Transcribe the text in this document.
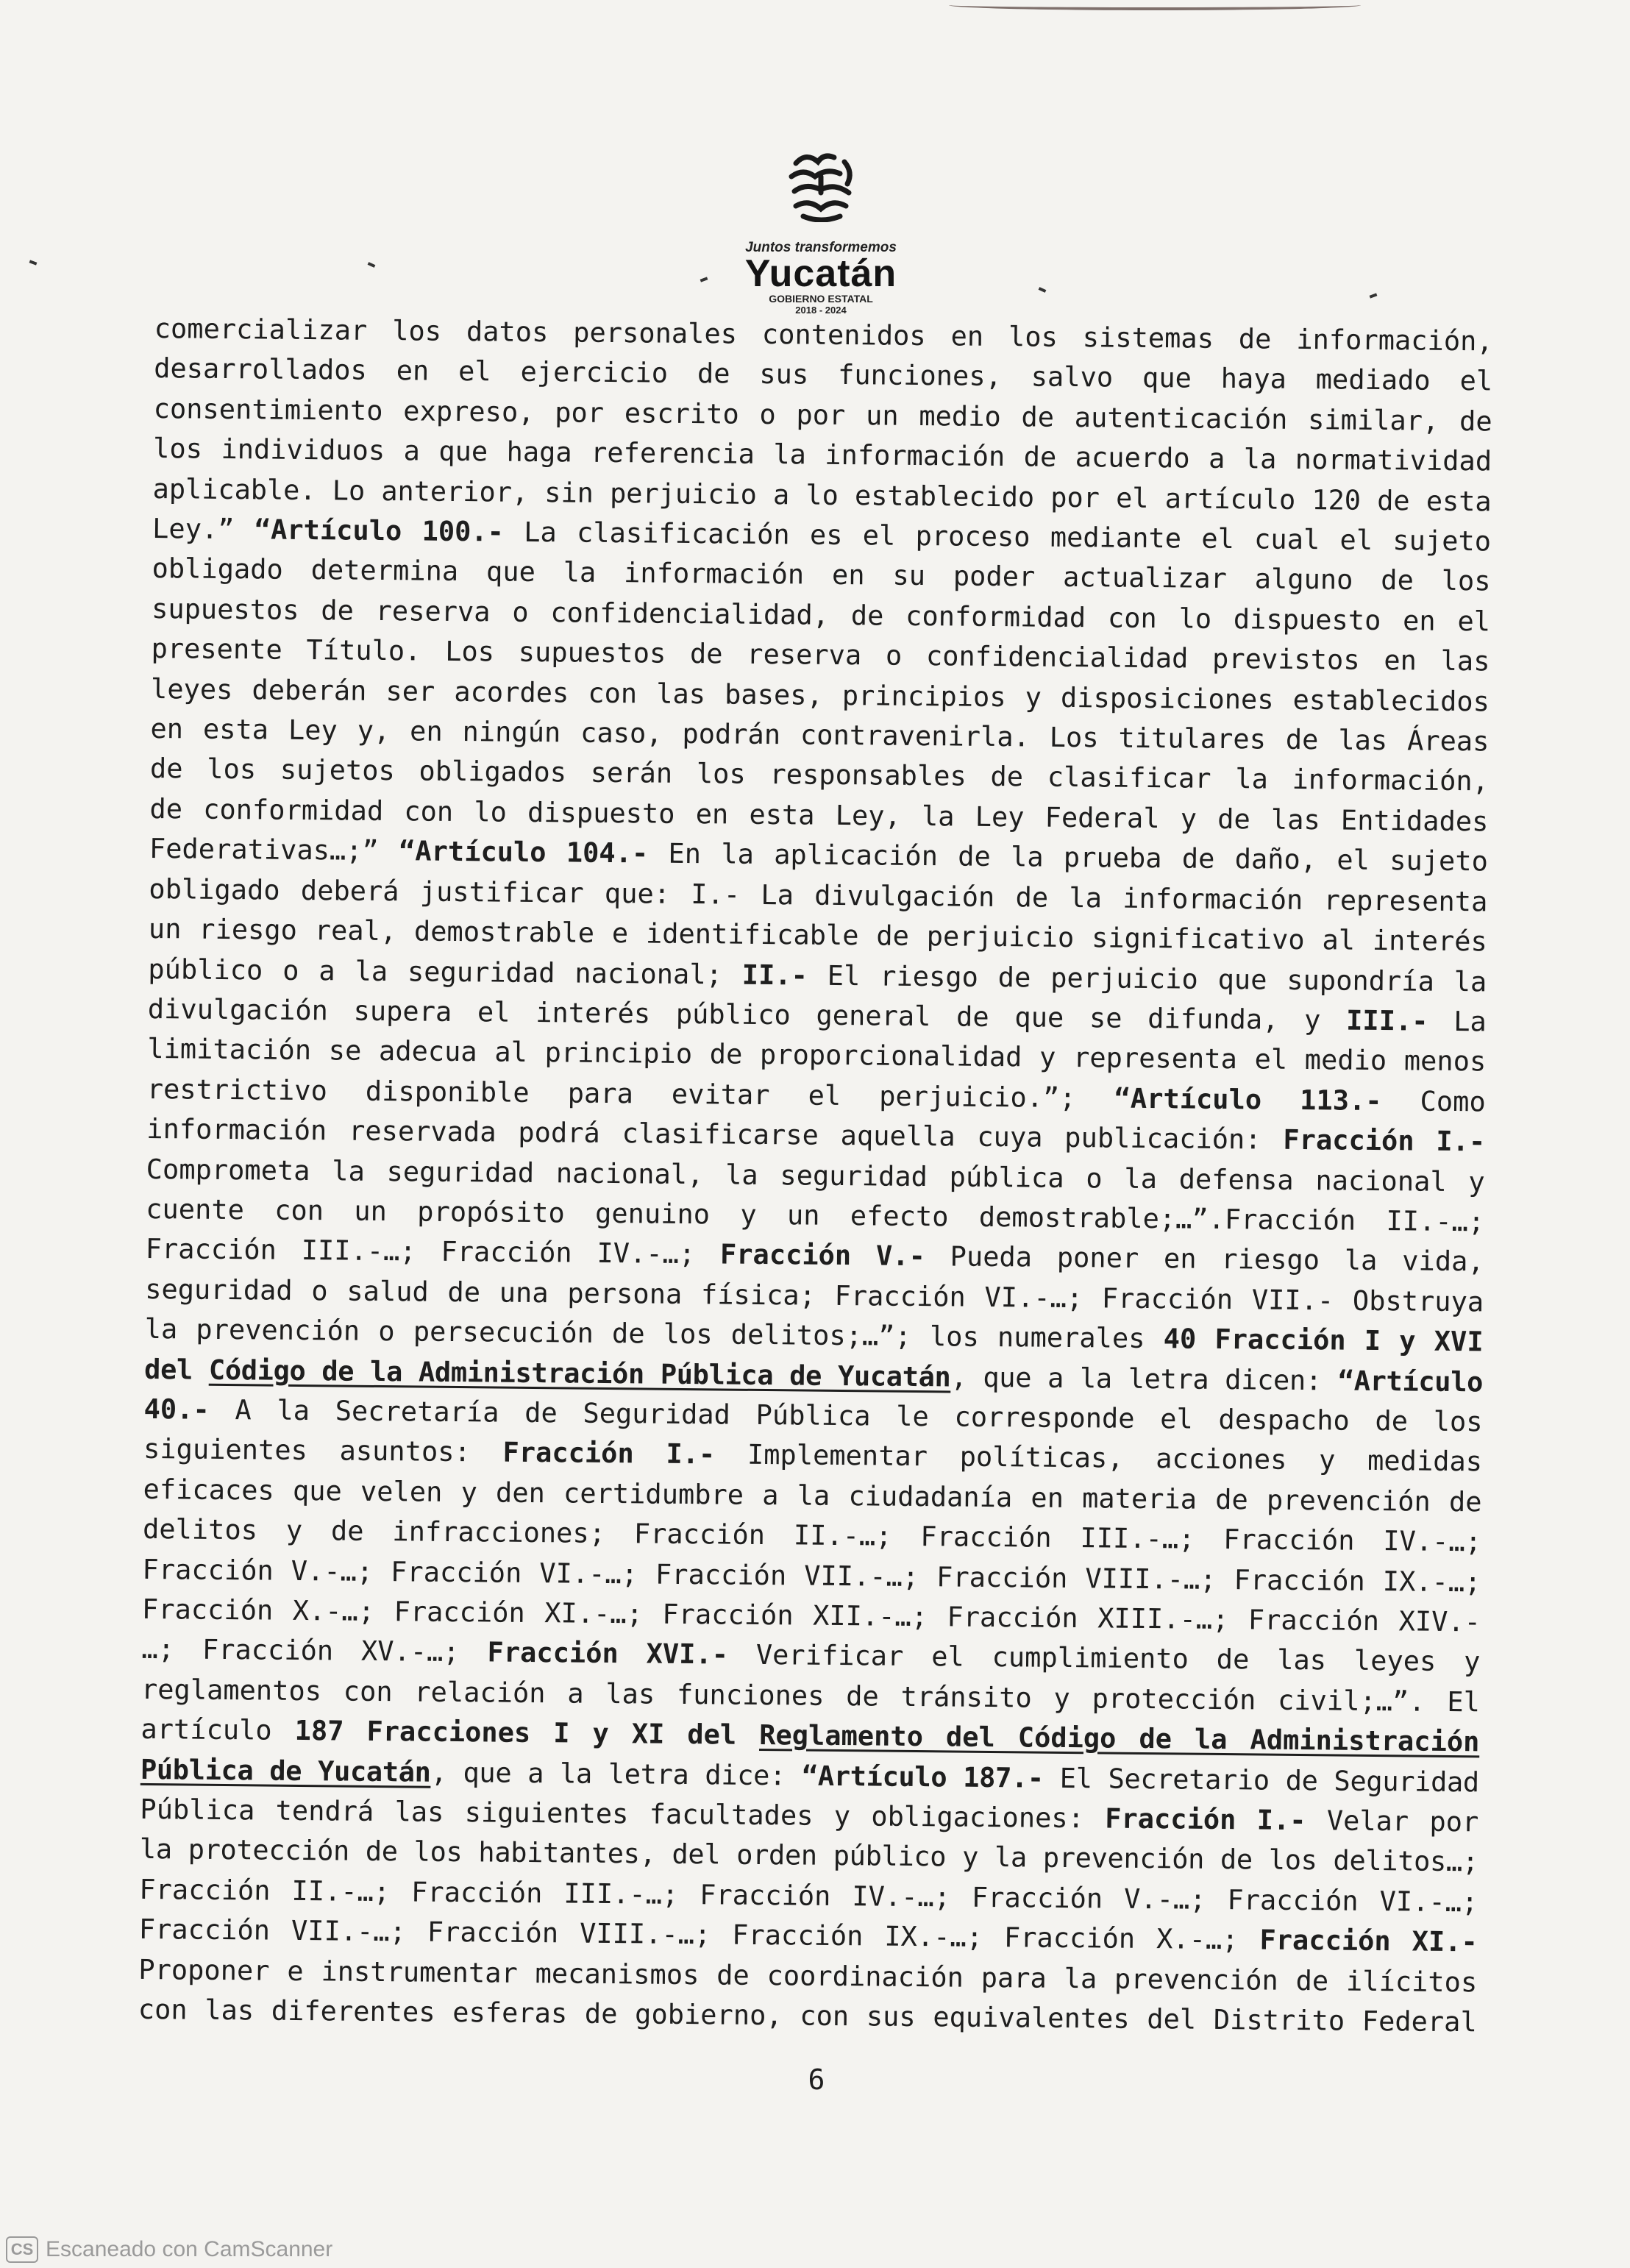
Juntos transformemos
Yucatán
GOBIERNO ESTATAL
2018 - 2024
comercializar los datos personales contenidos en los sistemas de información,
desarrollados en el ejercicio de sus funciones, salvo que haya mediado el
consentimiento expreso, por escrito o por un medio de autenticación similar, de
los individuos a que haga referencia la información de acuerdo a la normatividad
aplicable. Lo anterior, sin perjuicio a lo establecido por el artículo 120 de esta
Ley.” “Artículo 100.- La clasificación es el proceso mediante el cual el sujeto
obligado determina que la información en su poder actualizar alguno de los
supuestos de reserva o confidencialidad, de conformidad con lo dispuesto en el
presente Título. Los supuestos de reserva o confidencialidad previstos en las
leyes deberán ser acordes con las bases, principios y disposiciones establecidos
en esta Ley y, en ningún caso, podrán contravenirla. Los titulares de las Áreas
de los sujetos obligados serán los responsables de clasificar la información,
de conformidad con lo dispuesto en esta Ley, la Ley Federal y de las Entidades
Federativas…;” “Artículo 104.- En la aplicación de la prueba de daño, el sujeto
obligado deberá justificar que: I.- La divulgación de la información representa
un riesgo real, demostrable e identificable de perjuicio significativo al interés
público o a la seguridad nacional; II.- El riesgo de perjuicio que supondría la
divulgación supera el interés público general de que se difunda, y III.- La
limitación se adecua al principio de proporcionalidad y representa el medio menos
restrictivo disponible para evitar el perjuicio.”; “Artículo 113.- Como
información reservada podrá clasificarse aquella cuya publicación: Fracción I.-
Comprometa la seguridad nacional, la seguridad pública o la defensa nacional y
cuente con un propósito genuino y un efecto demostrable;…”.Fracción II.-…;
Fracción III.-…; Fracción IV.-…; Fracción V.- Pueda poner en riesgo la vida,
seguridad o salud de una persona física; Fracción VI.-…; Fracción VII.- Obstruya
la prevención o persecución de los delitos;…”; los numerales 40 Fracción I y XVI
del Código de la Administración Pública de Yucatán, que a la letra dicen: “Artículo
40.- A la Secretaría de Seguridad Pública le corresponde el despacho de los
siguientes asuntos: Fracción I.- Implementar políticas, acciones y medidas
eficaces que velen y den certidumbre a la ciudadanía en materia de prevención de
delitos y de infracciones; Fracción II.-…; Fracción III.-…; Fracción IV.-…;
Fracción V.-…; Fracción VI.-…; Fracción VII.-…; Fracción VIII.-…; Fracción IX.-…;
Fracción X.-…; Fracción XI.-…; Fracción XII.-…; Fracción XIII.-…; Fracción XIV.-
…; Fracción XV.-…; Fracción XVI.- Verificar el cumplimiento de las leyes y
reglamentos con relación a las funciones de tránsito y protección civil;…”. El
artículo 187 Fracciones I y XI del Reglamento del Código de la Administración
Pública de Yucatán, que a la letra dice: “Artículo 187.- El Secretario de Seguridad
Pública tendrá las siguientes facultades y obligaciones: Fracción I.- Velar por
la protección de los habitantes, del orden público y la prevención de los delitos…;
Fracción II.-…; Fracción III.-…; Fracción IV.-…; Fracción V.-…; Fracción VI.-…;
Fracción VII.-…; Fracción VIII.-…; Fracción IX.-…; Fracción X.-…; Fracción XI.-
Proponer e instrumentar mecanismos de coordinación para la prevención de ilícitos
con las diferentes esferas de gobierno, con sus equivalentes del Distrito Federal
6
CS Escaneado con CamScanner
